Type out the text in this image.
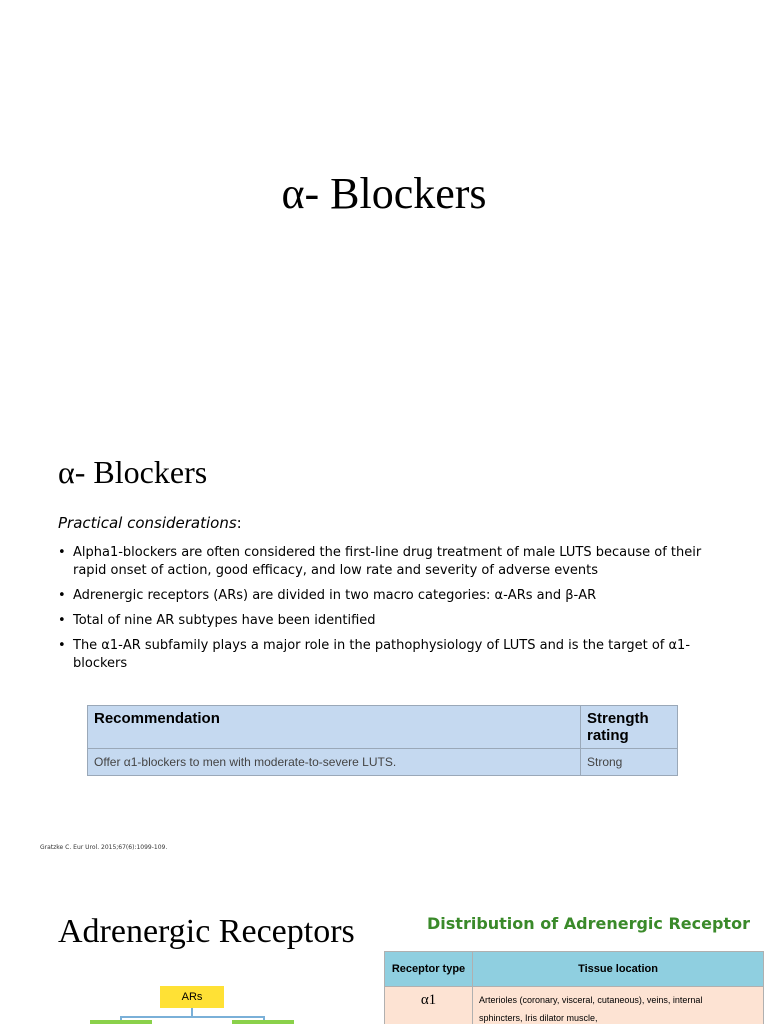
α- Blockers
α- Blockers
Practical considerations:
• Alpha1-blockers are often considered the first-line drug treatment of male LUTS because of their rapid onset of action, good efficacy, and low rate and severity of adverse events
• Adrenergic receptors (ARs) are divided in two macro categories: α-ARs and β-AR
• Total of nine AR subtypes have been identified
• The α1-AR subfamily plays a major role in the pathophysiology of LUTS and is the target of α1-blockers
Recommendation	Strength
rating

Offer α1-blockers to men with moderate-to-severe LUTS.	Strong
Gratzke C. Eur Urol. 2015;67(6):1099-109.
Adrenergic Receptors
ARs
Distribution of Adrenergic Receptor
Receptor type	Tissue location
α1	Arterioles (coronary, visceral, cutaneous), veins, internal
sphincters, Iris dilator muscle,
